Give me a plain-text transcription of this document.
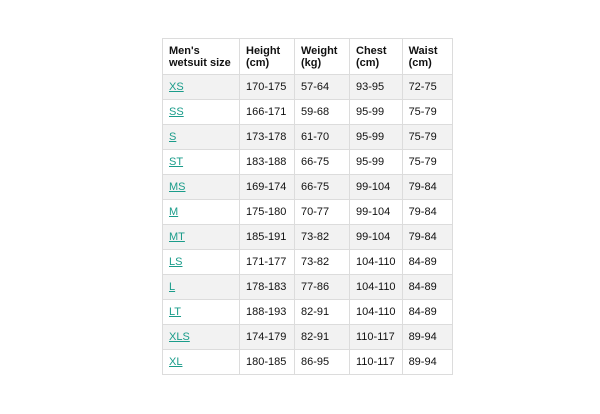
Men's wetsuit size	Height (cm)	Weight (kg)	Chest (cm)	Waist (cm)
XS	170-175	57-64	93-95	72-75
SS	166-171	59-68	95-99	75-79
S	173-178	61-70	95-99	75-79
ST	183-188	66-75	95-99	75-79
MS	169-174	66-75	99-104	79-84
M	175-180	70-77	99-104	79-84
MT	185-191	73-82	99-104	79-84
LS	171-177	73-82	104-110	84-89
L	178-183	77-86	104-110	84-89
LT	188-193	82-91	104-110	84-89
XLS	174-179	82-91	110-117	89-94
XL	180-185	86-95	110-117	89-94
